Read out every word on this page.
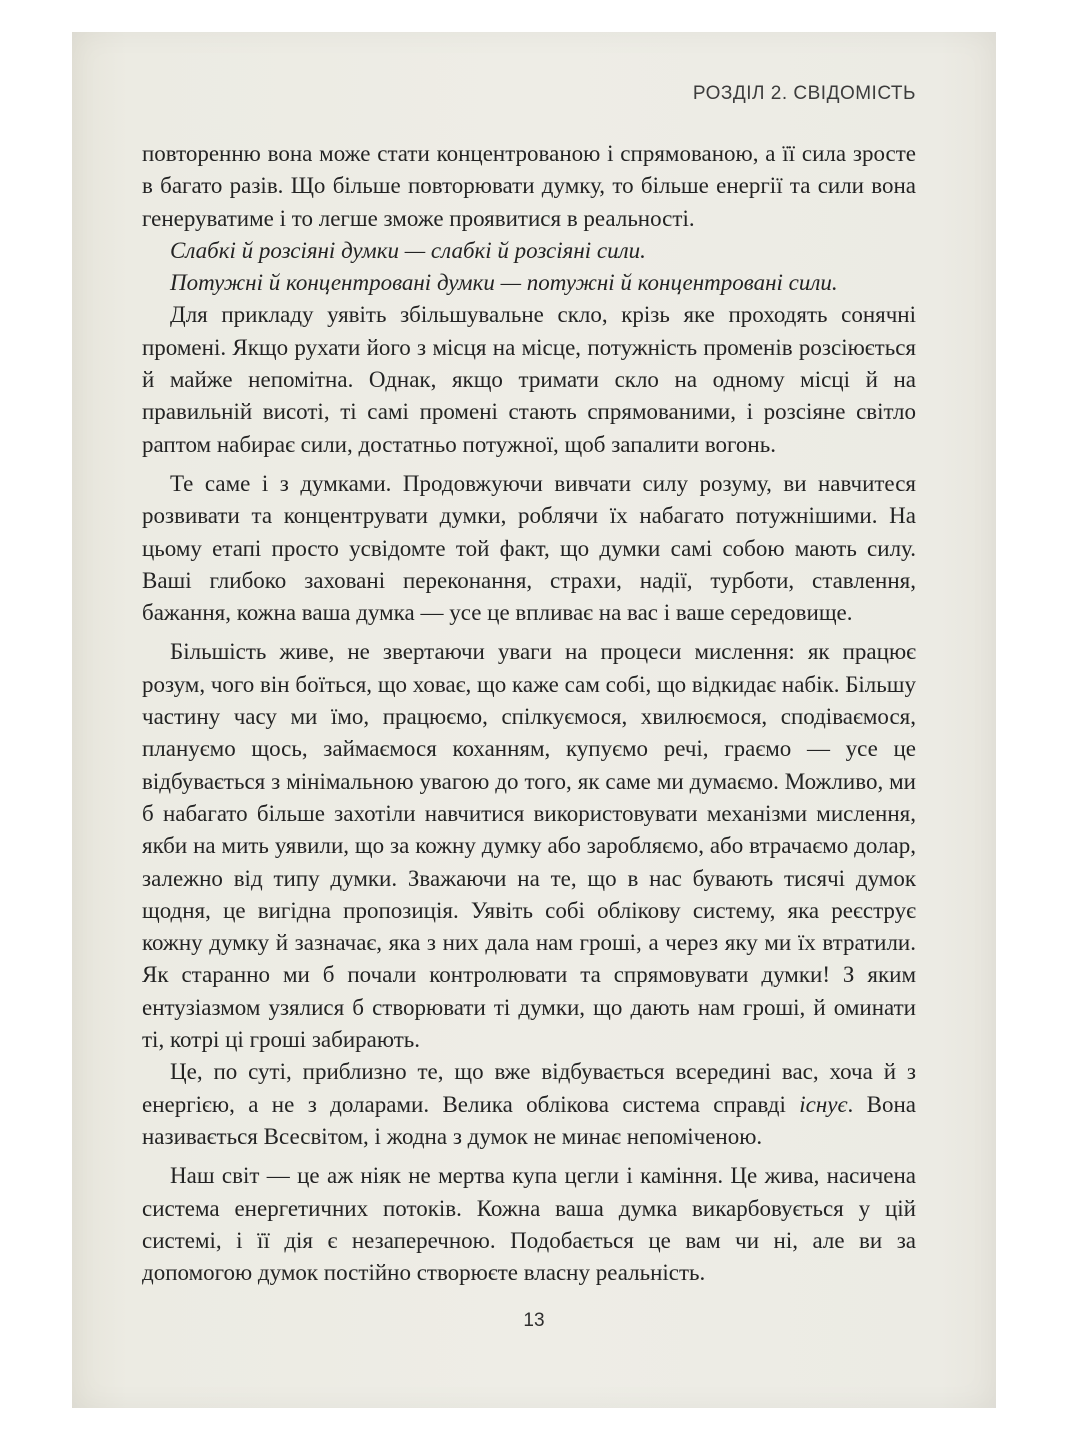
РОЗДІЛ 2. СВІДОМІСТЬ

повторенню вона може стати концентрованою і спрямованою, а її сила зросте в багато разів. Що більше повторювати думку, то більше енергії та сили вона генеруватиме і то легше зможе проявитися в реальності.

Слабкі й розсіяні думки — слабкі й розсіяні сили.

Потужні й концентровані думки — потужні й концентровані сили.

Для прикладу уявіть збільшувальне скло, крізь яке проходять сонячні промені. Якщо рухати його з місця на місце, потужність променів розсіюється й майже непомітна. Однак, якщо тримати скло на одному місці й на правильній висоті, ті самі промені стають спрямованими, і розсіяне світло раптом набирає сили, достатньо потужної, щоб запалити вогонь.

Те саме і з думками. Продовжуючи вивчати силу розуму, ви навчитеся розвивати та концентрувати думки, роблячи їх набагато потужнішими. На цьому етапі просто усвідомте той факт, що думки самі собою мають силу. Ваші глибоко заховані переконання, страхи, надії, турботи, ставлення, бажання, кожна ваша думка — усе це впливає на вас і ваше середовище.

Більшість живе, не звертаючи уваги на процеси мислення: як працює розум, чого він боїться, що ховає, що каже сам собі, що відкидає набік. Більшу частину часу ми їмо, працюємо, спілкуємося, хвилюємося, сподіваємося, плануємо щось, займаємося коханням, купуємо речі, граємо — усе це відбувається з мінімальною увагою до того, як саме ми думаємо. Можливо, ми б набагато більше захотіли навчитися використовувати механізми мислення, якби на мить уявили, що за кожну думку або заробляємо, або втрачаємо долар, залежно від типу думки. Зважаючи на те, що в нас бувають тисячі думок щодня, це вигідна пропозиція. Уявіть собі облікову систему, яка реєструє кожну думку й зазначає, яка з них дала нам гроші, а через яку ми їх втратили. Як старанно ми б почали контролювати та спрямовувати думки! З яким ентузіазмом узялися б створювати ті думки, що дають нам гроші, й оминати ті, котрі ці гроші забирають.

Це, по суті, приблизно те, що вже відбувається всередині вас, хоча й з енергією, а не з доларами. Велика облікова система справді існує. Вона називається Всесвітом, і жодна з думок не минає непоміченою.

Наш світ — це аж ніяк не мертва купа цегли і каміння. Це жива, насичена система енергетичних потоків. Кожна ваша думка викарбовується у цій системі, і її дія є незаперечною. Подобається це вам чи ні, але ви за допомогою думок постійно створюєте власну реальність.

13
